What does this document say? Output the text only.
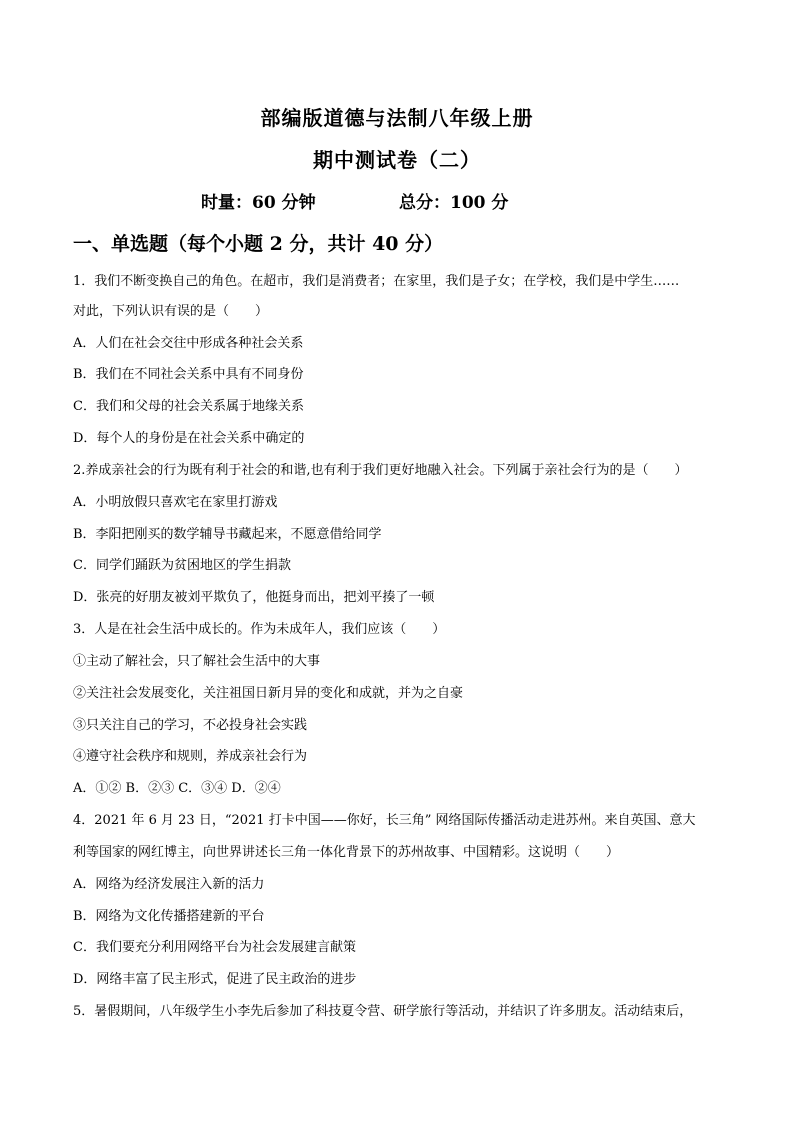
部编版道德与法制八年级上册
期中测试卷（二）
时量：60 分钟	总分：100 分
一、单选题（每个小题 2 分，共计 40 分）
1．我们不断变换自己的角色。在超市，我们是消费者；在家里，我们是子女；在学校，我们是中学生……
对此，下列认识有误的是（　　）
A．人们在社会交往中形成各种社会关系
B．我们在不同社会关系中具有不同身份
C．我们和父母的社会关系属于地缘关系
D．每个人的身份是在社会关系中确定的
2.养成亲社会的行为既有利于社会的和谐,也有利于我们更好地融入社会。下列属于亲社会行为的是（　　）
A．小明放假只喜欢宅在家里打游戏
B．李阳把刚买的数学辅导书藏起来，不愿意借给同学
C．同学们踊跃为贫困地区的学生捐款
D．张亮的好朋友被刘平欺负了，他挺身而出，把刘平揍了一顿
3．人是在社会生活中成长的。作为未成年人，我们应该（　　）
①主动了解社会，只了解社会生活中的大事
②关注社会发展变化，关注祖国日新月异的变化和成就，并为之自豪
③只关注自己的学习，不必投身社会实践
④遵守社会秩序和规则，养成亲社会行为
A．①② B．②③ C．③④ D．②④
4．2021 年 6 月 23 日，“2021 打卡中国——你好，长三角” 网络国际传播活动走进苏州。来自英国、意大
利等国家的网红博主，向世界讲述长三角一体化背景下的苏州故事、中国精彩。这说明（　　）
A．网络为经济发展注入新的活力
B．网络为文化传播搭建新的平台
C．我们要充分利用网络平台为社会发展建言献策
D．网络丰富了民主形式，促进了民主政治的进步
5．暑假期间，八年级学生小李先后参加了科技夏令营、研学旅行等活动，并结识了许多朋友。活动结束后，
